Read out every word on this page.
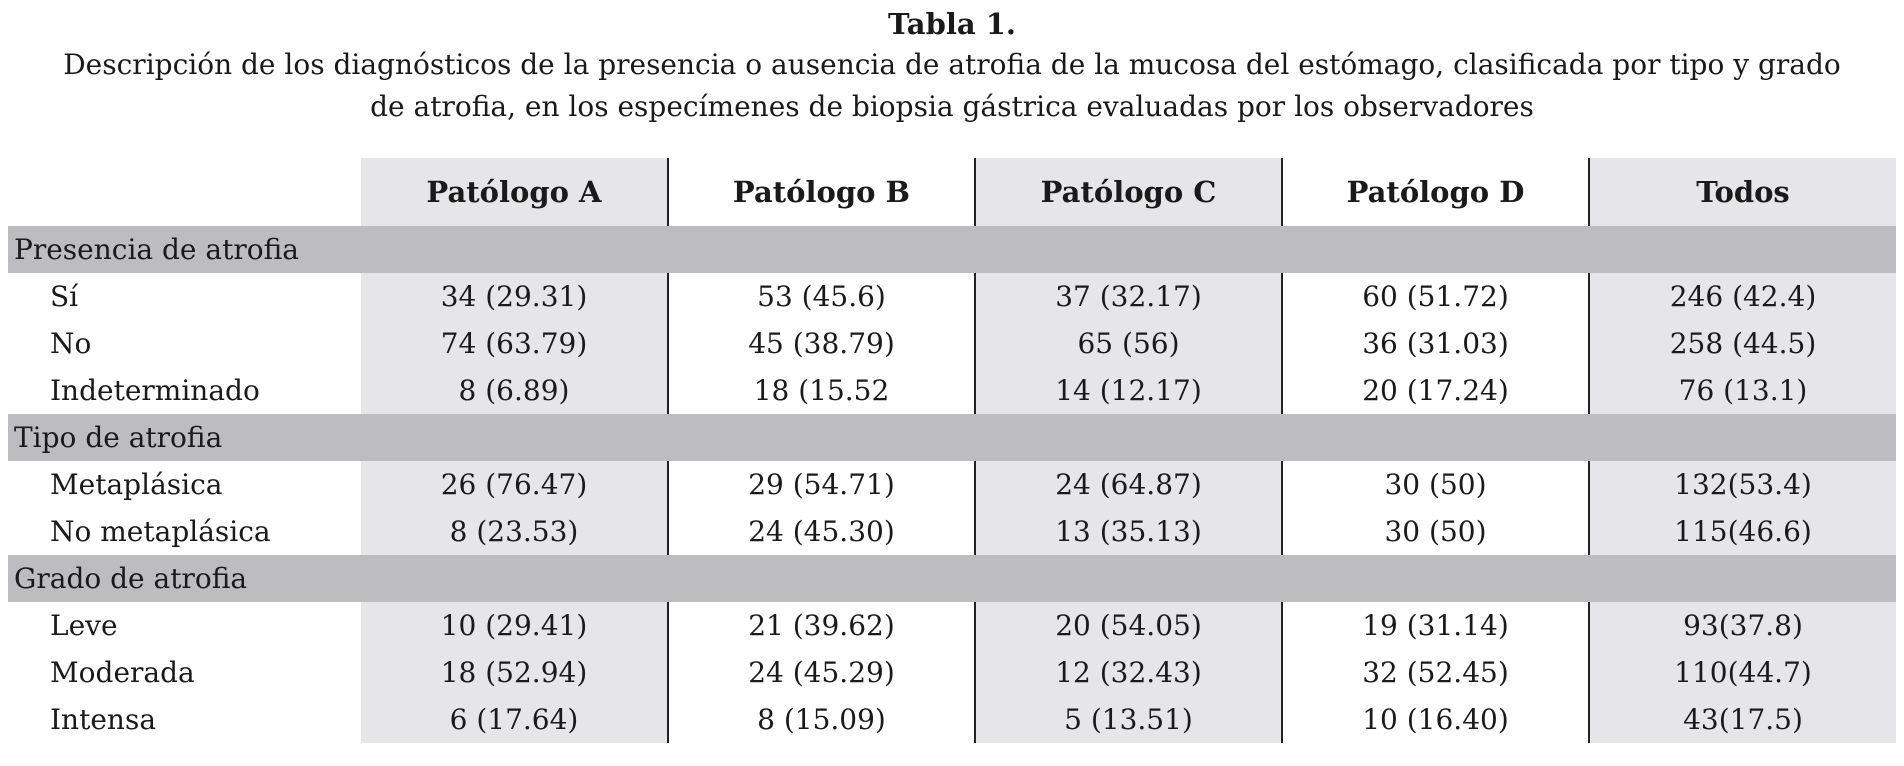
Tabla 1.
Descripción de los diagnósticos de la presencia o ausencia de atrofia de la mucosa del estómago, clasificada por tipo y grado de atrofia, en los especímenes de biopsia gástrica evaluadas por los observadores
	Patólogo A	Patólogo B	Patólogo C	Patólogo D	Todos
Presencia de atrofia					
Sí	34 (29.31)	53 (45.6)	37 (32.17)	60 (51.72)	246 (42.4)
No	74 (63.79)	45 (38.79)	65 (56)	36 (31.03)	258 (44.5)
Indeterminado	8 (6.89)	18 (15.52	14 (12.17)	20 (17.24)	76 (13.1)
Tipo de atrofia					
Metaplásica	26 (76.47)	29 (54.71)	24 (64.87)	30 (50)	132(53.4)
No metaplásica	8 (23.53)	24 (45.30)	13 (35.13)	30 (50)	115(46.6)
Grado de atrofia					
Leve	10 (29.41)	21 (39.62)	20 (54.05)	19 (31.14)	93(37.8)
Moderada	18 (52.94)	24 (45.29)	12 (32.43)	32 (52.45)	110(44.7)
Intensa	6 (17.64)	8 (15.09)	5 (13.51)	10 (16.40)	43(17.5)
